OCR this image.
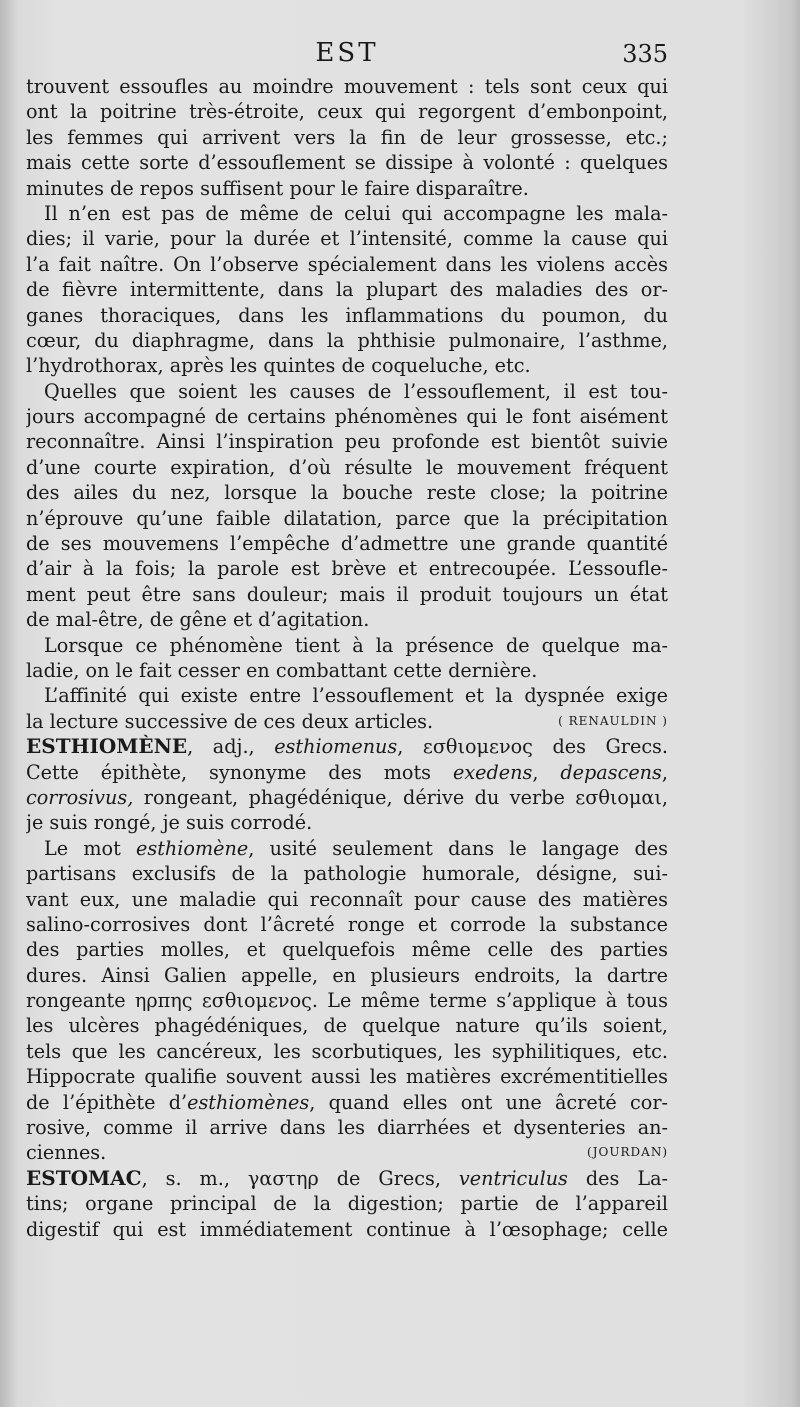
EST	335
trouvent essoufles au moindre mouvement : tels sont ceux qui
ont la poitrine très-étroite, ceux qui regorgent d’embonpoint,
les femmes qui arrivent vers la fin de leur grossesse, etc.;
mais cette sorte d’essouflement se dissipe à volonté : quelques
minutes de repos suffisent pour le faire disparaître.
Il n’en est pas de même de celui qui accompagne les mala-
dies; il varie, pour la durée et l’intensité, comme la cause qui
l’a fait naître. On l’observe spécialement dans les violens accès
de fièvre intermittente, dans la plupart des maladies des or-
ganes thoraciques, dans les inflammations du poumon, du
cœur, du diaphragme, dans la phthisie pulmonaire, l’asthme,
l’hydrothorax, après les quintes de coqueluche, etc.
Quelles que soient les causes de l’essouflement, il est tou-
jours accompagné de certains phénomènes qui le font aisément
reconnaître. Ainsi l’inspiration peu profonde est bientôt suivie
d’une courte expiration, d’où résulte le mouvement fréquent
des ailes du nez, lorsque la bouche reste close; la poitrine
n’éprouve qu’une faible dilatation, parce que la précipitation
de ses mouvemens l’empêche d’admettre une grande quantité
d’air à la fois; la parole est brève et entrecoupée. L’essoufle-
ment peut être sans douleur; mais il produit toujours un état
de mal-être, de gêne et d’agitation.
Lorsque ce phénomène tient à la présence de quelque ma-
ladie, on le fait cesser en combattant cette dernière.
L’affinité qui existe entre l’essouflement et la dyspnée exige
la lecture successive de ces deux articles.	( RENAULDIN )
ESTHIOMÈNE, adj., esthiomenus, εσθιομενος des Grecs.
Cette épithète, synonyme des mots exedens, depascens,
corrosivus, rongeant, phagédénique, dérive du verbe εσθιομαι,
je suis rongé, je suis corrodé.
Le mot esthiomène, usité seulement dans le langage des
partisans exclusifs de la pathologie humorale, désigne, sui-
vant eux, une maladie qui reconnaît pour cause des matières
salino-corrosives dont l’âcreté ronge et corrode la substance
des parties molles, et quelquefois même celle des parties
dures. Ainsi Galien appelle, en plusieurs endroits, la dartre
rongeante ηρπης εσθιομενος. Le même terme s’applique à tous
les ulcères phagédéniques, de quelque nature qu’ils soient,
tels que les cancéreux, les scorbutiques, les syphilitiques, etc.
Hippocrate qualifie souvent aussi les matières excrémentitielles
de l’épithète d’esthiomènes, quand elles ont une âcreté cor-
rosive, comme il arrive dans les diarrhées et dysenteries an-
ciennes.	(JOURDAN)
ESTOMAC, s. m., γαστηρ de Grecs, ventriculus des La-
tins; organe principal de la digestion; partie de l’appareil
digestif qui est immédiatement continue à l’œsophage; celle
